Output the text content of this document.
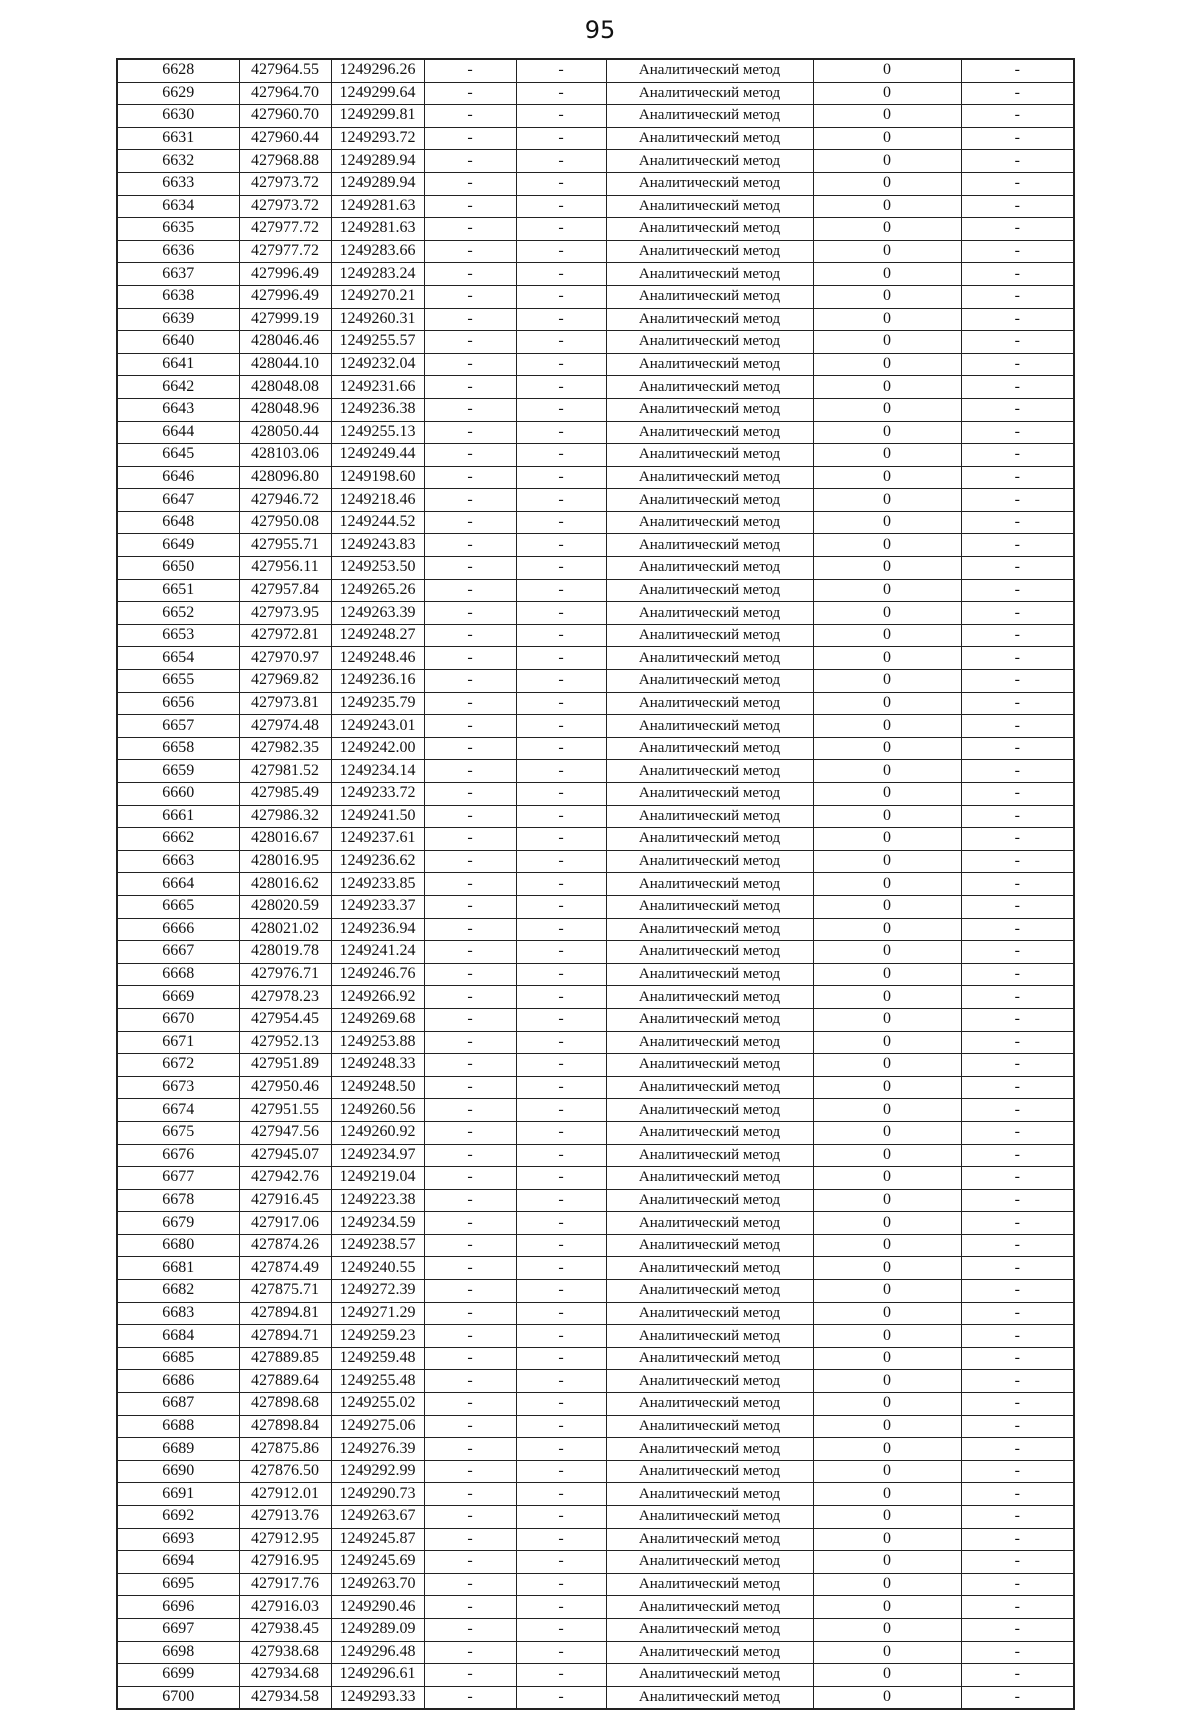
95
6628	427964.55	1249296.26	-	-	Аналитический метод	0	-
6629	427964.70	1249299.64	-	-	Аналитический метод	0	-
6630	427960.70	1249299.81	-	-	Аналитический метод	0	-
6631	427960.44	1249293.72	-	-	Аналитический метод	0	-
6632	427968.88	1249289.94	-	-	Аналитический метод	0	-
6633	427973.72	1249289.94	-	-	Аналитический метод	0	-
6634	427973.72	1249281.63	-	-	Аналитический метод	0	-
6635	427977.72	1249281.63	-	-	Аналитический метод	0	-
6636	427977.72	1249283.66	-	-	Аналитический метод	0	-
6637	427996.49	1249283.24	-	-	Аналитический метод	0	-
6638	427996.49	1249270.21	-	-	Аналитический метод	0	-
6639	427999.19	1249260.31	-	-	Аналитический метод	0	-
6640	428046.46	1249255.57	-	-	Аналитический метод	0	-
6641	428044.10	1249232.04	-	-	Аналитический метод	0	-
6642	428048.08	1249231.66	-	-	Аналитический метод	0	-
6643	428048.96	1249236.38	-	-	Аналитический метод	0	-
6644	428050.44	1249255.13	-	-	Аналитический метод	0	-
6645	428103.06	1249249.44	-	-	Аналитический метод	0	-
6646	428096.80	1249198.60	-	-	Аналитический метод	0	-
6647	427946.72	1249218.46	-	-	Аналитический метод	0	-
6648	427950.08	1249244.52	-	-	Аналитический метод	0	-
6649	427955.71	1249243.83	-	-	Аналитический метод	0	-
6650	427956.11	1249253.50	-	-	Аналитический метод	0	-
6651	427957.84	1249265.26	-	-	Аналитический метод	0	-
6652	427973.95	1249263.39	-	-	Аналитический метод	0	-
6653	427972.81	1249248.27	-	-	Аналитический метод	0	-
6654	427970.97	1249248.46	-	-	Аналитический метод	0	-
6655	427969.82	1249236.16	-	-	Аналитический метод	0	-
6656	427973.81	1249235.79	-	-	Аналитический метод	0	-
6657	427974.48	1249243.01	-	-	Аналитический метод	0	-
6658	427982.35	1249242.00	-	-	Аналитический метод	0	-
6659	427981.52	1249234.14	-	-	Аналитический метод	0	-
6660	427985.49	1249233.72	-	-	Аналитический метод	0	-
6661	427986.32	1249241.50	-	-	Аналитический метод	0	-
6662	428016.67	1249237.61	-	-	Аналитический метод	0	-
6663	428016.95	1249236.62	-	-	Аналитический метод	0	-
6664	428016.62	1249233.85	-	-	Аналитический метод	0	-
6665	428020.59	1249233.37	-	-	Аналитический метод	0	-
6666	428021.02	1249236.94	-	-	Аналитический метод	0	-
6667	428019.78	1249241.24	-	-	Аналитический метод	0	-
6668	427976.71	1249246.76	-	-	Аналитический метод	0	-
6669	427978.23	1249266.92	-	-	Аналитический метод	0	-
6670	427954.45	1249269.68	-	-	Аналитический метод	0	-
6671	427952.13	1249253.88	-	-	Аналитический метод	0	-
6672	427951.89	1249248.33	-	-	Аналитический метод	0	-
6673	427950.46	1249248.50	-	-	Аналитический метод	0	-
6674	427951.55	1249260.56	-	-	Аналитический метод	0	-
6675	427947.56	1249260.92	-	-	Аналитический метод	0	-
6676	427945.07	1249234.97	-	-	Аналитический метод	0	-
6677	427942.76	1249219.04	-	-	Аналитический метод	0	-
6678	427916.45	1249223.38	-	-	Аналитический метод	0	-
6679	427917.06	1249234.59	-	-	Аналитический метод	0	-
6680	427874.26	1249238.57	-	-	Аналитический метод	0	-
6681	427874.49	1249240.55	-	-	Аналитический метод	0	-
6682	427875.71	1249272.39	-	-	Аналитический метод	0	-
6683	427894.81	1249271.29	-	-	Аналитический метод	0	-
6684	427894.71	1249259.23	-	-	Аналитический метод	0	-
6685	427889.85	1249259.48	-	-	Аналитический метод	0	-
6686	427889.64	1249255.48	-	-	Аналитический метод	0	-
6687	427898.68	1249255.02	-	-	Аналитический метод	0	-
6688	427898.84	1249275.06	-	-	Аналитический метод	0	-
6689	427875.86	1249276.39	-	-	Аналитический метод	0	-
6690	427876.50	1249292.99	-	-	Аналитический метод	0	-
6691	427912.01	1249290.73	-	-	Аналитический метод	0	-
6692	427913.76	1249263.67	-	-	Аналитический метод	0	-
6693	427912.95	1249245.87	-	-	Аналитический метод	0	-
6694	427916.95	1249245.69	-	-	Аналитический метод	0	-
6695	427917.76	1249263.70	-	-	Аналитический метод	0	-
6696	427916.03	1249290.46	-	-	Аналитический метод	0	-
6697	427938.45	1249289.09	-	-	Аналитический метод	0	-
6698	427938.68	1249296.48	-	-	Аналитический метод	0	-
6699	427934.68	1249296.61	-	-	Аналитический метод	0	-
6700	427934.58	1249293.33	-	-	Аналитический метод	0	-
